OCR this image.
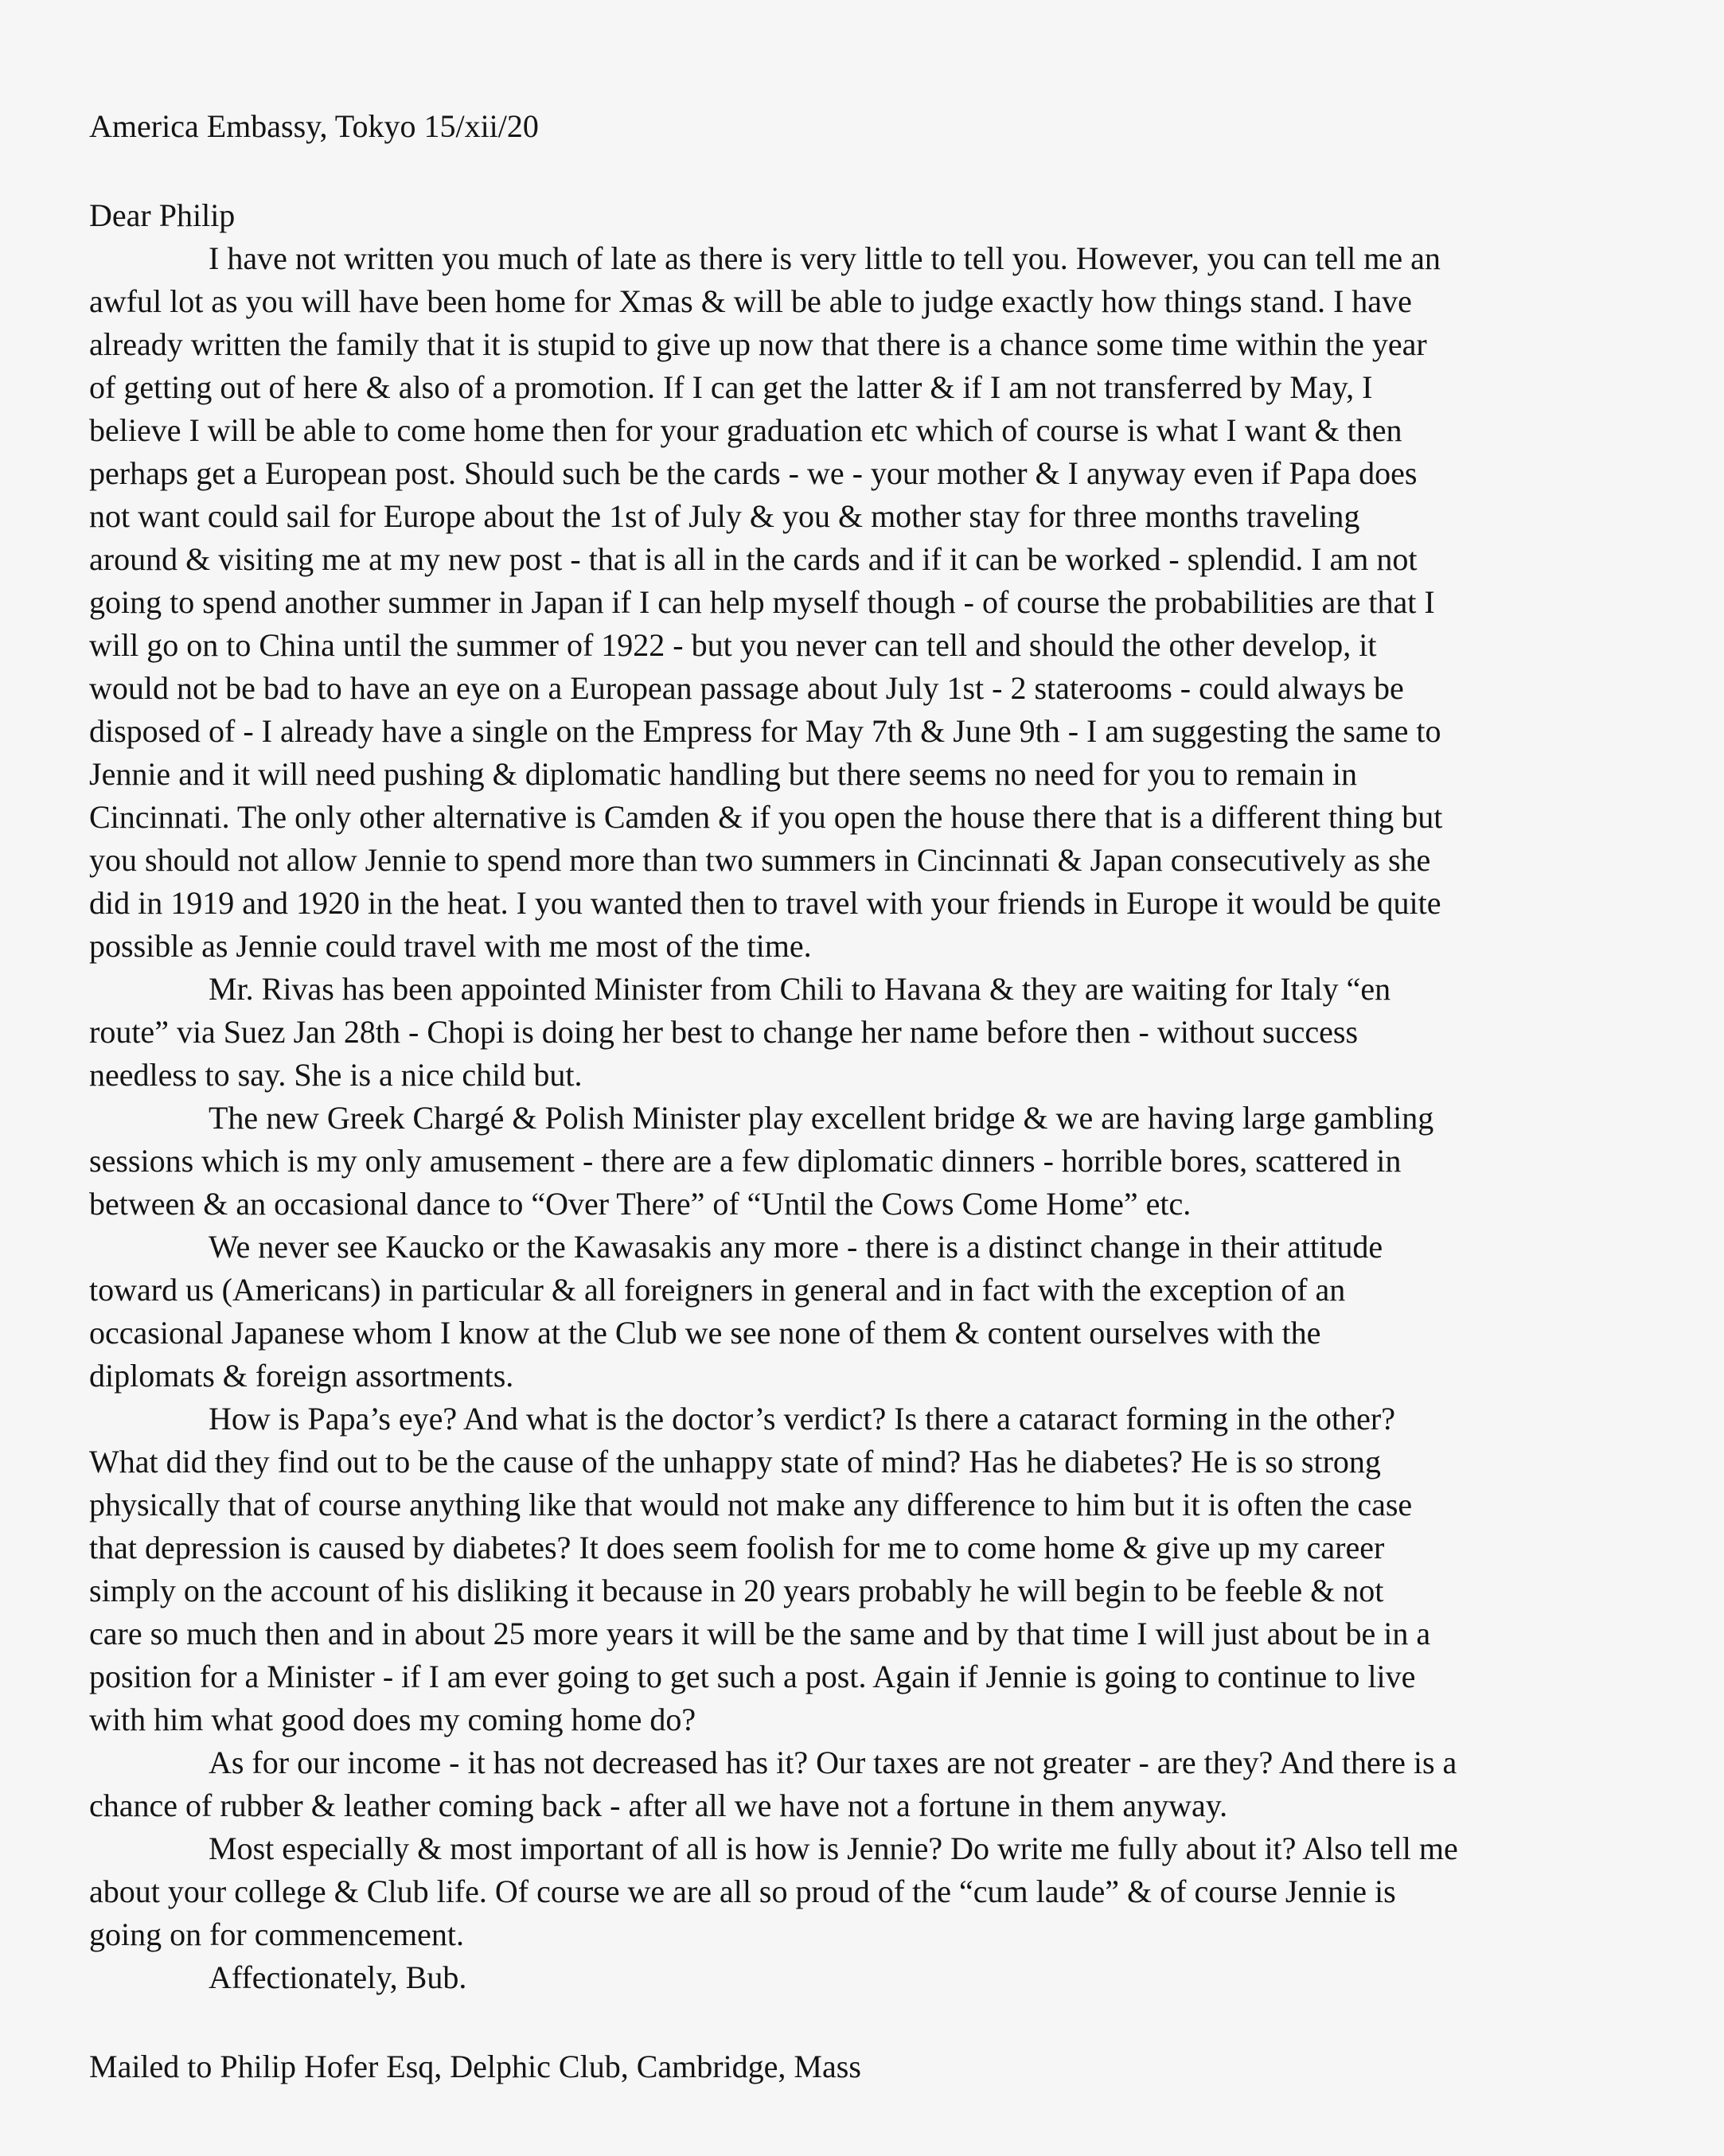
America Embassy, Tokyo 15/xii/20
Dear Philip
I have not written you much of late as there is very little to tell you. However, you can tell me an
awful lot as you will have been home for Xmas & will be able to judge exactly how things stand. I have
already written the family that it is stupid to give up now that there is a chance some time within the year
of getting out of here & also of a promotion. If I can get the latter & if I am not transferred by May, I
believe I will be able to come home then for your graduation etc which of course is what I want & then
perhaps get a European post. Should such be the cards - we - your mother & I anyway even if Papa does
not want could sail for Europe about the 1st of July & you & mother stay for three months traveling
around & visiting me at my new post - that is all in the cards and if it can be worked - splendid. I am not
going to spend another summer in Japan if I can help myself though - of course the probabilities are that I
will go on to China until the summer of 1922 - but you never can tell and should the other develop, it
would not be bad to have an eye on a European passage about July 1st - 2 staterooms - could always be
disposed of - I already have a single on the Empress for May 7th & June 9th - I am suggesting the same to
Jennie and it will need pushing & diplomatic handling but there seems no need for you to remain in
Cincinnati. The only other alternative is Camden & if you open the house there that is a different thing but
you should not allow Jennie to spend more than two summers in Cincinnati & Japan consecutively as she
did in 1919 and 1920 in the heat. I you wanted then to travel with your friends in Europe it would be quite
possible as Jennie could travel with me most of the time.
Mr. Rivas has been appointed Minister from Chili to Havana & they are waiting for Italy “en
route” via Suez Jan 28th - Chopi is doing her best to change her name before then - without success
needless to say. She is a nice child but.
The new Greek Chargé & Polish Minister play excellent bridge & we are having large gambling
sessions which is my only amusement - there are a few diplomatic dinners - horrible bores, scattered in
between & an occasional dance to “Over There” of “Until the Cows Come Home” etc.
We never see Kaucko or the Kawasakis any more - there is a distinct change in their attitude
toward us (Americans) in particular & all foreigners in general and in fact with the exception of an
occasional Japanese whom I know at the Club we see none of them & content ourselves with the
diplomats & foreign assortments.
How is Papa’s eye? And what is the doctor’s verdict? Is there a cataract forming in the other?
What did they find out to be the cause of the unhappy state of mind? Has he diabetes? He is so strong
physically that of course anything like that would not make any difference to him but it is often the case
that depression is caused by diabetes? It does seem foolish for me to come home & give up my career
simply on the account of his disliking it because in 20 years probably he will begin to be feeble & not
care so much then and in about 25 more years it will be the same and by that time I will just about be in a
position for a Minister - if I am ever going to get such a post. Again if Jennie is going to continue to live
with him what good does my coming home do?
As for our income - it has not decreased has it? Our taxes are not greater - are they? And there is a
chance of rubber & leather coming back - after all we have not a fortune in them anyway.
Most especially & most important of all is how is Jennie? Do write me fully about it? Also tell me
about your college & Club life. Of course we are all so proud of the “cum laude” & of course Jennie is
going on for commencement.
Affectionately, Bub.
Mailed to Philip Hofer Esq, Delphic Club, Cambridge, Mass
